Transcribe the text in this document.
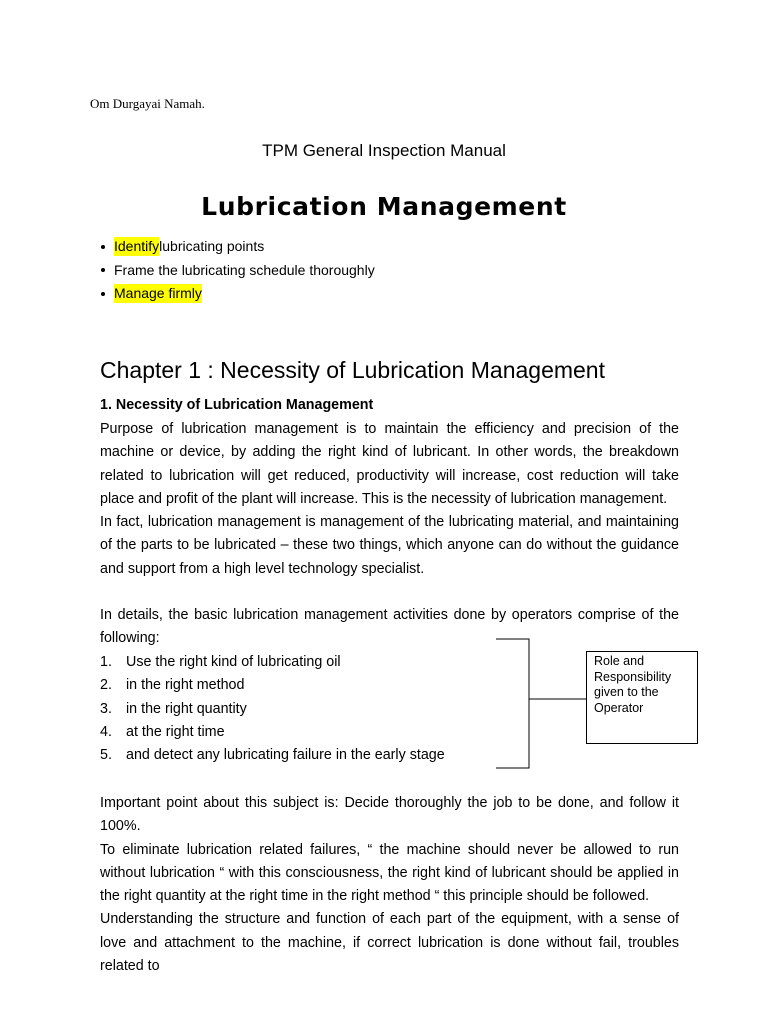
Om Durgayai Namah.
TPM General Inspection Manual
Lubrication Management
Identify lubricating points
Frame the lubricating schedule thoroughly
Manage firmly
Chapter 1 : Necessity of Lubrication Management
1. Necessity of Lubrication Management

Purpose of lubrication management is to maintain the efficiency and precision of the machine or device, by adding the right kind of lubricant. In other words, the breakdown related to lubrication will get reduced, productivity will increase, cost reduction will take place and profit of the plant will increase. This is the necessity of lubrication management.

In fact, lubrication management is management of the lubricating material, and maintaining of the parts to be lubricated – these two things, which anyone can do without the guidance and support from a high level technology specialist.

In details, the basic lubrication management activities done by operators comprise of the following:

1. Use the right kind of lubricating oil
2. in the right method
3. in the right quantity
4. at the right time
5. and detect any lubricating failure in the early stage
Role and Responsibility given to the Operator

Important point about this subject is: Decide thoroughly the job to be done, and follow it 100%.

To eliminate lubrication related failures, “ the machine should never be allowed to run without lubrication “ with this consciousness, the right kind of lubricant should be applied in the right quantity at the right time in the right method “ this principle should be followed.

Understanding the structure and function of each part of the equipment, with a sense of love and attachment to the machine, if correct lubrication is done without fail, troubles related to
